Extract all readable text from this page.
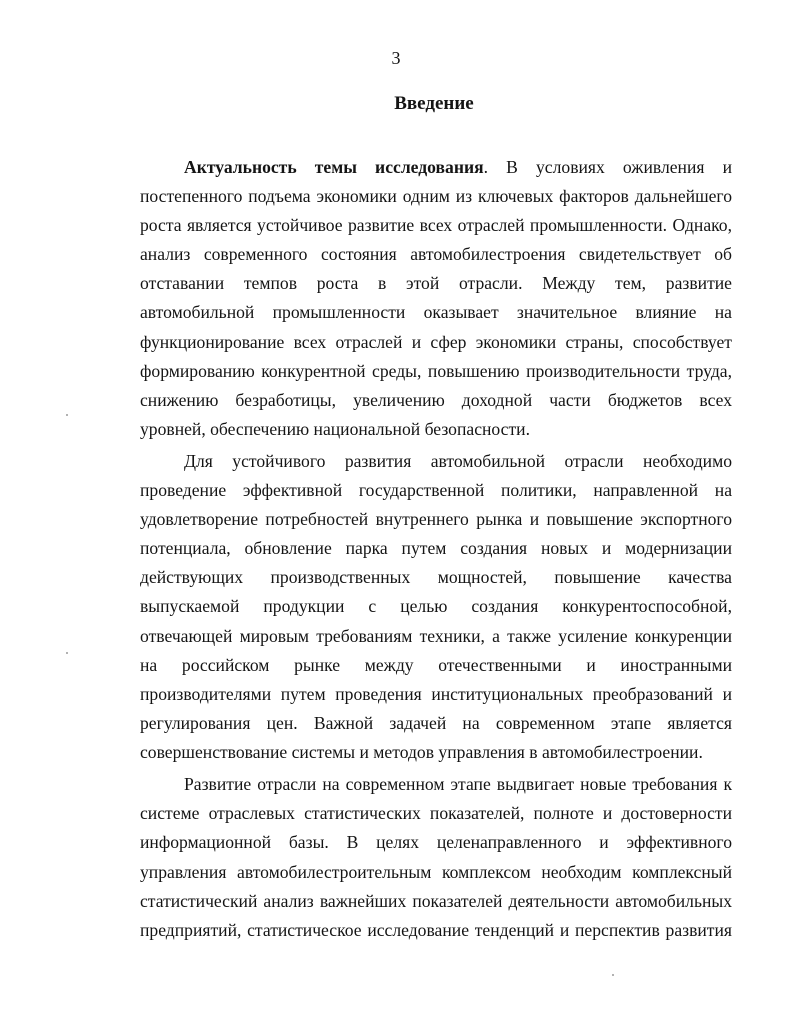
3
Введение
Актуальность темы исследования. В условиях оживления и
постепенного подъема экономики одним из ключевых факторов дальнейшего
роста является устойчивое развитие всех отраслей промышленности. Однако,
анализ современного состояния автомобилестроения свидетельствует об
отставании темпов роста в этой отрасли. Между тем, развитие
автомобильной промышленности оказывает значительное влияние на
функционирование всех отраслей и сфер экономики страны, способствует
формированию конкурентной среды, повышению производительности труда,
снижению безработицы, увеличению доходной части бюджетов всех
уровней, обеспечению национальной безопасности.
Для устойчивого развития автомобильной отрасли необходимо
проведение эффективной государственной политики, направленной на
удовлетворение потребностей внутреннего рынка и повышение экспортного
потенциала, обновление парка путем создания новых и модернизации
действующих производственных мощностей, повышение качества
выпускаемой продукции с целью создания конкурентоспособной,
отвечающей мировым требованиям техники, а также усиление конкуренции
на российском рынке между отечественными и иностранными
производителями путем проведения институциональных преобразований и
регулирования цен. Важной задачей на современном этапе является
совершенствование системы и методов управления в автомобилестроении.
Развитие отрасли на современном этапе выдвигает новые требования к
системе отраслевых статистических показателей, полноте и достоверности
информационной базы. В целях целенаправленного и эффективного
управления автомобилестроительным комплексом необходим комплексный
статистический анализ важнейших показателей деятельности автомобильных
предприятий, статистическое исследование тенденций и перспектив развития
